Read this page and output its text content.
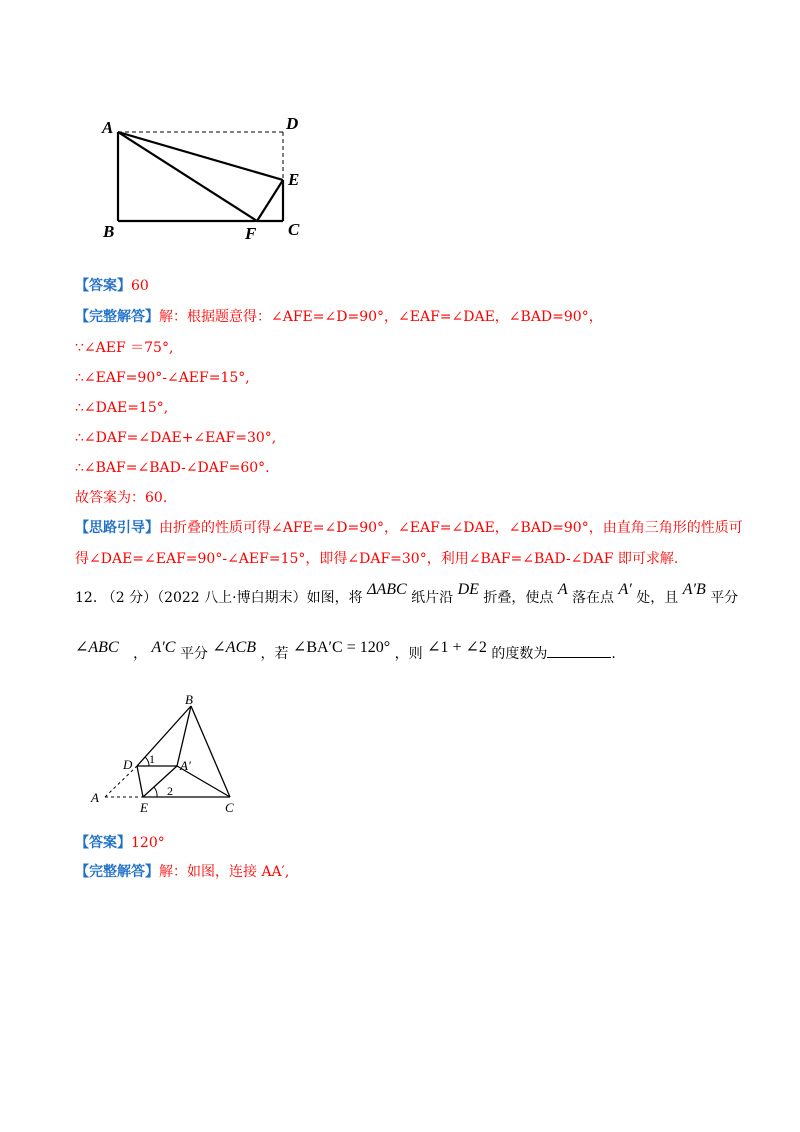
A	D
E
B	F C
【答案】60
【完整解答】解：根据题意得：∠AFE=∠D=90°，∠EAF=∠DAE，∠BAD=90°，
∵∠AEF ＝75°,
∴∠EAF=90°-∠AEF=15°,
∴∠DAE=15°,
∴∠DAF=∠DAE+∠EAF=30°,
∴∠BAF=∠BAD-∠DAF=60°.
故答案为：60.
【思路引导】由折叠的性质可得∠AFE=∠D=90°，∠EAF=∠DAE，∠BAD=90°，由直角三角形的性质可
得∠DAE=∠EAF=90°-∠AEF=15°，即得∠DAF=30°，利用∠BAF=∠BAD-∠DAF 即可求解.
12. （2 分）（2022 八上·博白期末）如图，将 ΔABC 纸片沿 DE 折叠，使点 A 落在点 A′ 处，且 A′B 平分
∠ABC ， A′C 平分 ∠ACB ，若 ∠BA′C = 120° ，则 ∠1 + ∠2 的度数为	.
B
D 1 A′
2
A
E	C
【答案】120°
【完整解答】解：如图，连接 AA′,
